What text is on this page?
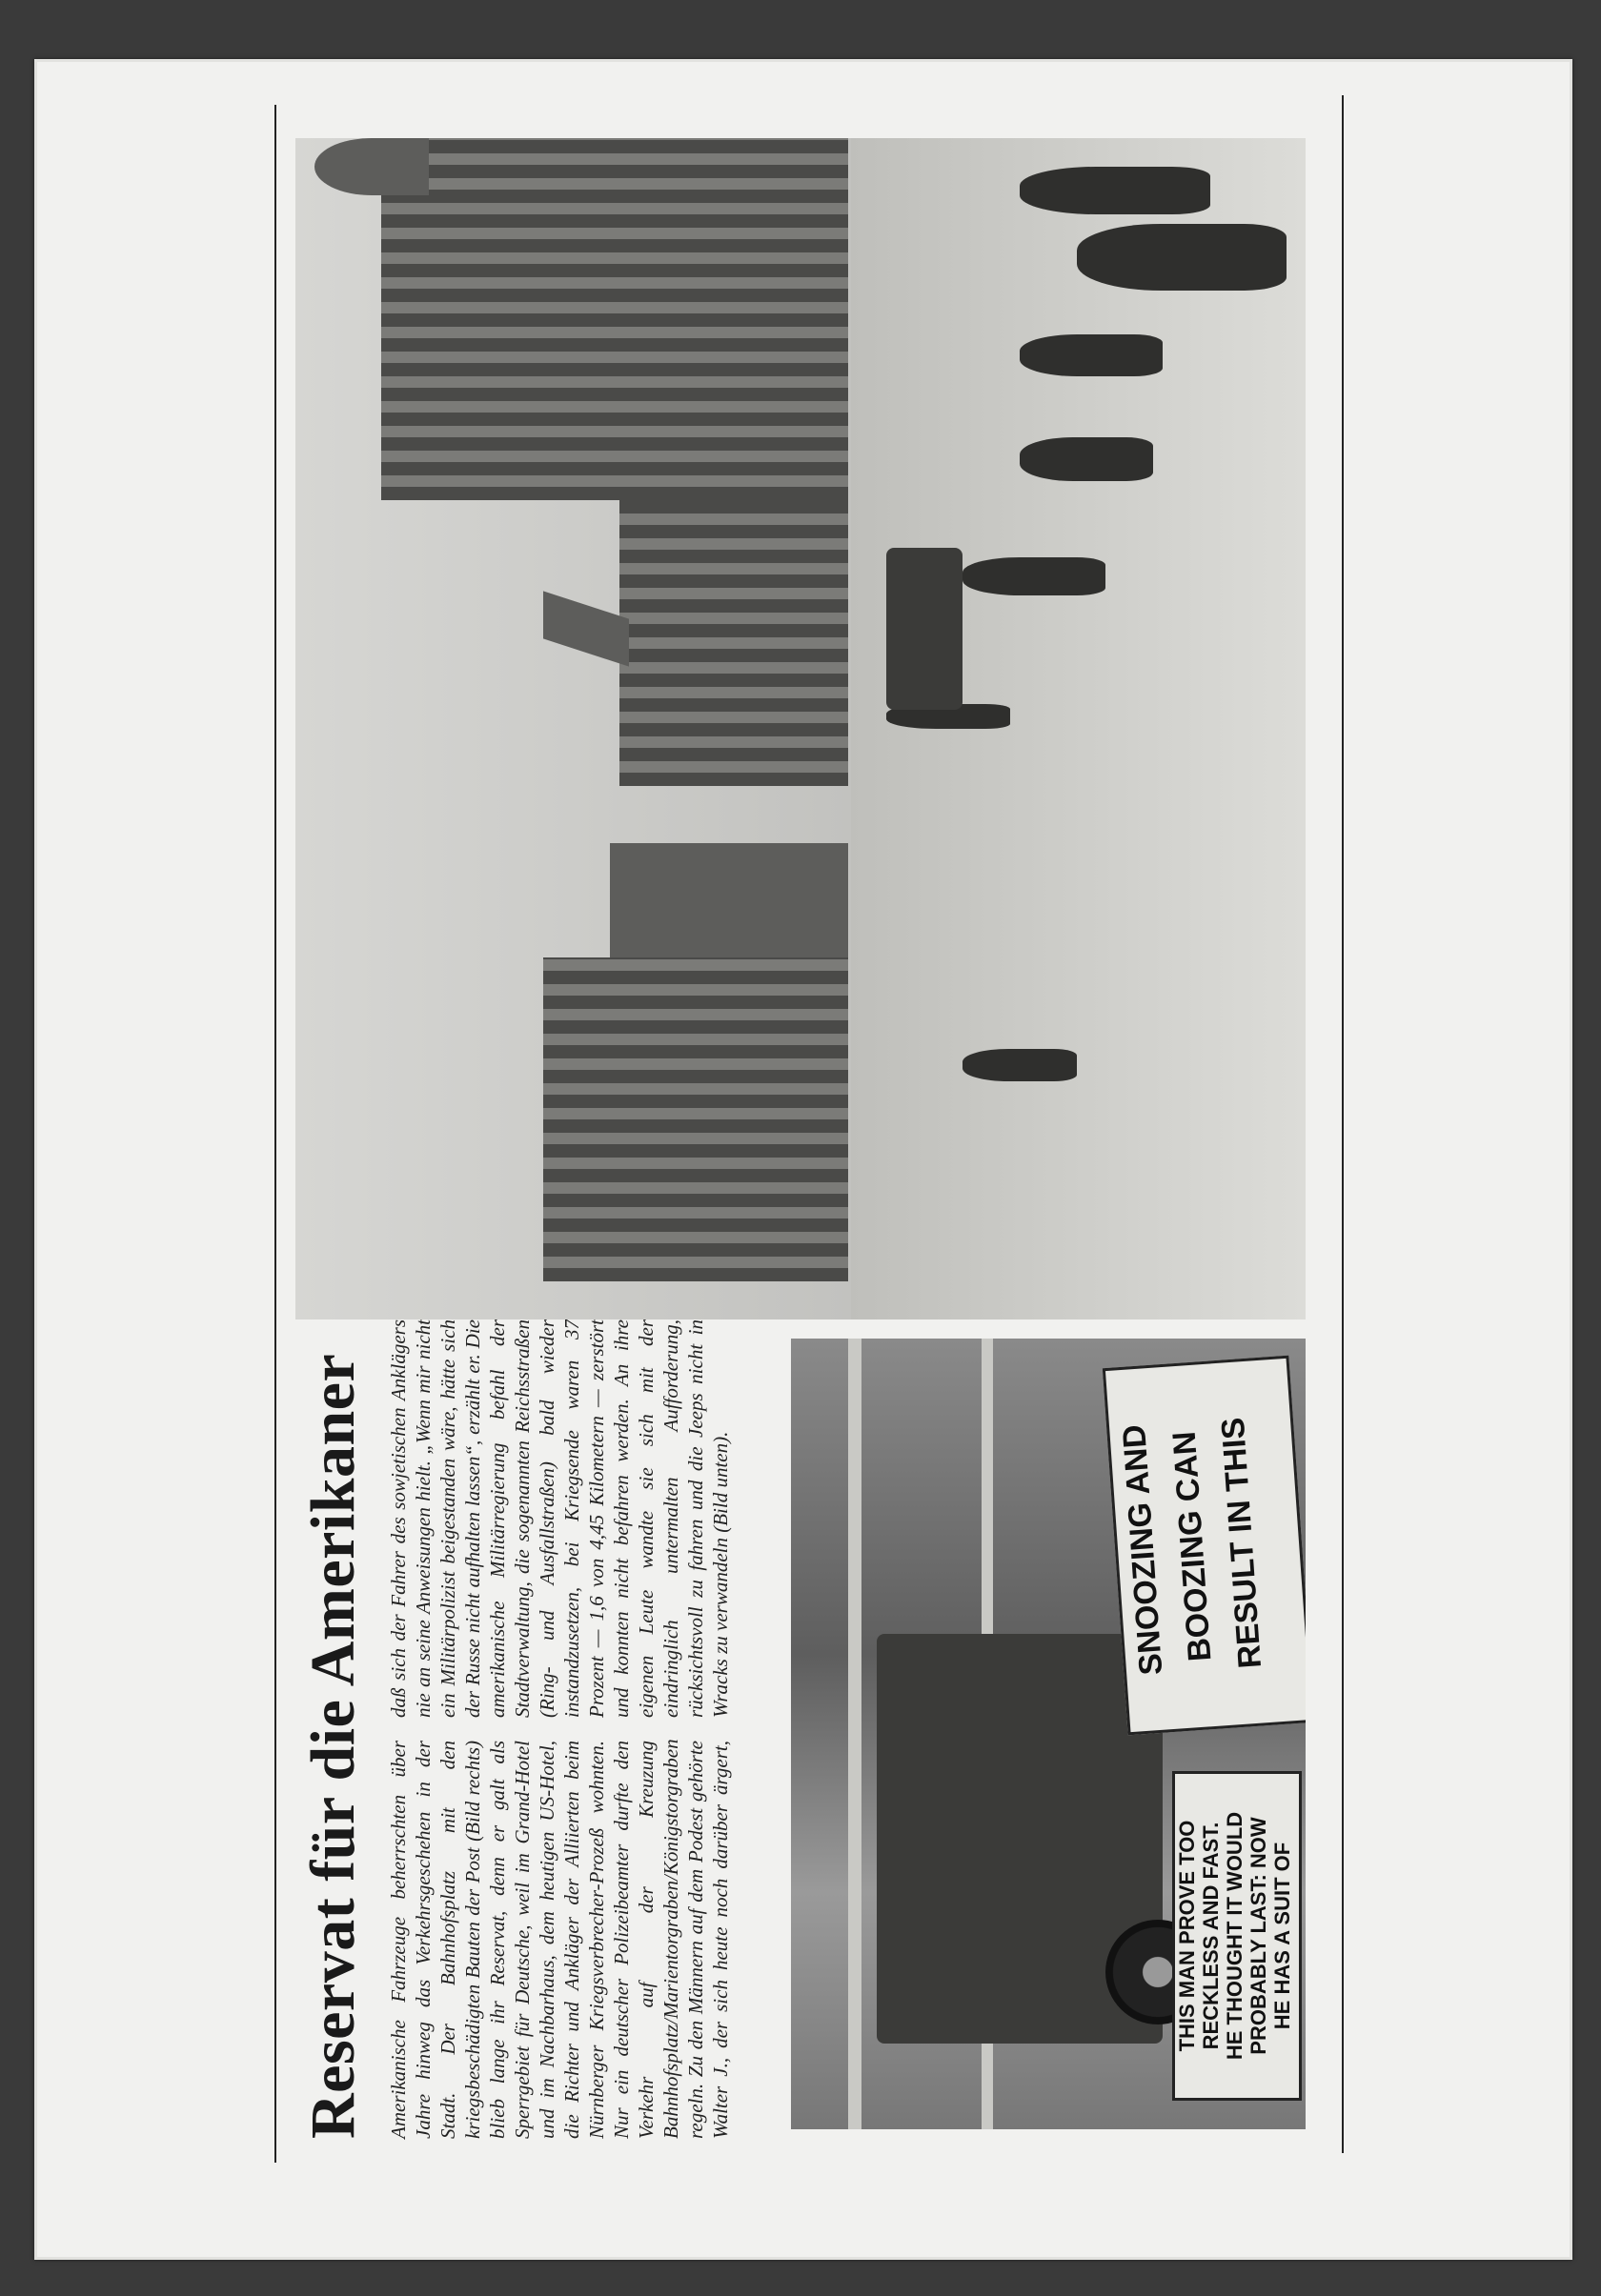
Reservat für die Amerikaner Amerikanische Fahrzeuge beherrschten über Jahre hinweg das Verkehrsgeschehen in der Stadt. Der Bahnhofsplatz mit den kriegsbeschädigten Bauten der Post (Bild rechts) blieb lange ihr Reservat, denn er galt als Sperrgebiet für Deutsche, weil im Grand-Hotel und im Nachbarhaus, dem heutigen US-Hotel, die Richter und Ankläger der Alliierten beim Nürnberger Kriegsverbrecher-Prozeß wohnten. Nur ein deutscher Polizeibeamter durfte den Verkehr auf der Kreuzung Bahnhofsplatz/Marientorgraben/Königstorgraben regeln. Zu den Männern auf dem Podest gehörte Walter J., der sich heute noch darüber ärgert, daß sich der Fahrer des sowjetischen Anklägers nie an seine Anweisungen hielt. „Wenn mir nicht ein Militärpolizist beigestanden wäre, hätte sich der Russe nicht aufhalten lassen“, erzählt er. Die amerikanische Militärregierung befahl der Stadtverwaltung, die sogenannten Reichsstraßen (Ring- und Ausfallstraßen) bald wieder instandzusetzen, bei Kriegsende waren 37 Prozent — 1,6 von 4,45 Kilometern — zerstört und konnten nicht befahren werden. An ihre eigenen Leute wandte sie sich mit der eindringlich untermalten Aufforderung, rücksichtsvoll zu fahren und die Jeeps nicht in Wracks zu verwandeln (Bild unten).
THIS MAN PROVE TOO RECKLESS AND FAST. HE THOUGHT IT WOULD PROBABLY LAST: NOW HE HAS A SUIT OF
SNOOZING AND
BOOZING CAN
RESULT IN THIS
